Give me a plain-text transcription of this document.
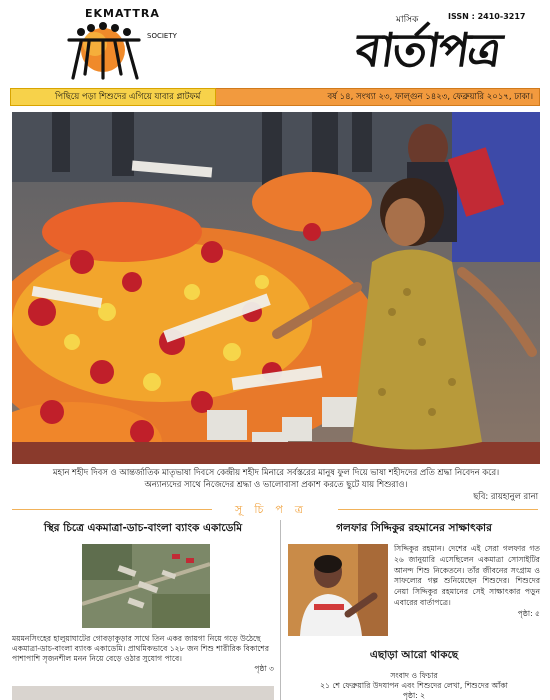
EKMATTRA
SOCIETY
মাসিক	ISSN : 2410-3217
বার্তাপত্র
পিছিয়ে পড়া শিশুদের এগিয়ে যাবার প্লাটফর্ম	বর্ষ ১৪, সংখ্যা ২৩, ফাল্গুন ১৪২৩, ফেব্রুয়ারি ২০১৭, ঢাকা।
মহান শহীদ দিবস ও আন্তর্জাতিক মাতৃভাষা দিবসে কেন্দ্রীয় শহীদ মিনারে সর্বস্তরের মানুষ ফুল দিয়ে ভাষা শহীদদের প্রতি শ্রদ্ধা নিবেদন করে।
অন্যান্যদের সাথে নিজেদের শ্রদ্ধা ও ভালোবাসা প্রকাশ করতে ছুটে যায় শিশুরাও।
ছবি: রায়হানুল রানা
সূচিপত্র
স্থির চিত্রে একমাত্রা-ডাচ-বাংলা ব্যাংক একাডেমি
ময়মনসিংহের হালুয়াঘাটের গোবড়াকুড়ার সাথে তিন একর জায়গা নিয়ে গড়ে উঠেছে একমাত্রা-ডাচ-বাংলা ব্যাংক একাডেমি। প্রাথমিকভাবে ১২৮ জন শিশু শারীরিক বিকাশের পাশাপাশি সৃজনশীল মনন নিয়ে বেড়ে ওঠার সুযোগ পাবে।
পৃষ্ঠা ৩
গলফার সিদ্দিকুর রহমানের সাক্ষাৎকার
সিদ্দিকুর রহমান। দেশের এই সেরা গলফার গত ২৬ জানুয়ারি এসেছিলেন একমাত্রা সোসাইটির আনন্দ শিশু নিকেতনে। তাঁর জীবনের সংগ্রাম ও সাফল্যের গল্প শুনিয়েছেন শিশুদের। শিশুদের নেয়া সিদ্দিকুর রহমানের সেই সাক্ষাৎকার পড়ুন এবারের বার্তাপত্রে।
পৃষ্ঠা: ৫
এছাড়া আরো থাকছে
সংবাদ ও ফিচার
২১ শে ফেব্রুয়ারি উদযাপন এবং শিশুদের লেখা, শিশুদের আঁকা
পৃষ্ঠা: ২
